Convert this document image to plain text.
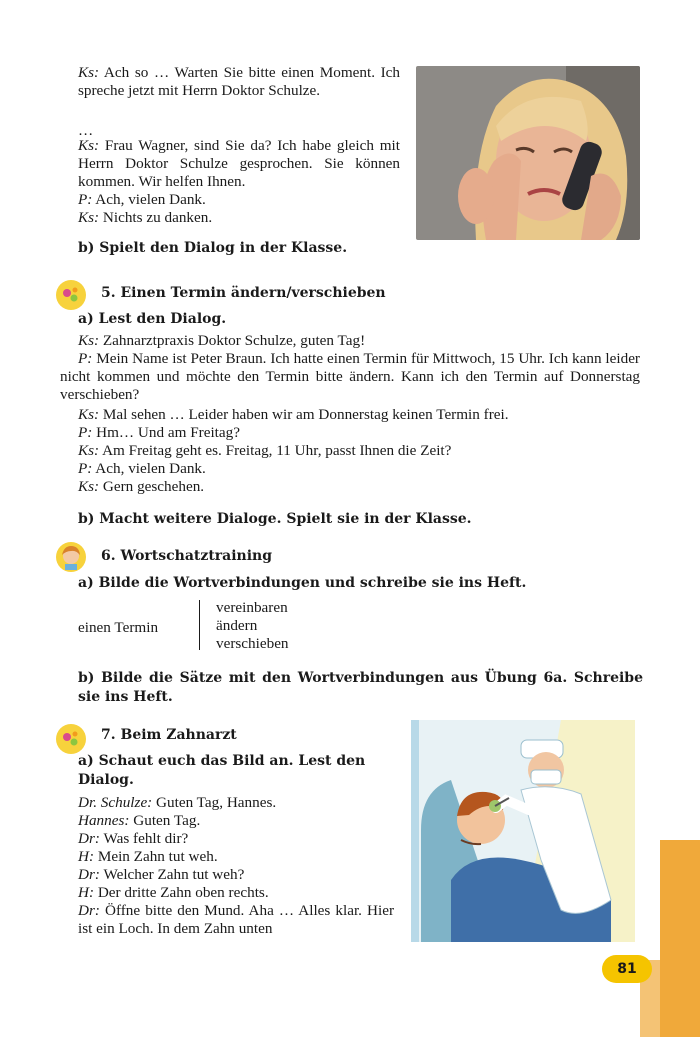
Ks: Ach so … Warten Sie bitte einen Moment. Ich spreche jetzt mit Herrn Doktor Schulze.
…
Ks: Frau Wagner, sind Sie da? Ich habe gleich mit Herrn Doktor Schulze gesprochen. Sie können kommen. Wir helfen Ihnen.
P: Ach, vielen Dank.
Ks: Nichts zu danken.
b) Spielt den Dialog in der Klasse.
5. Einen Termin ändern/verschieben
a) Lest den Dialog.
Ks: Zahnarztpraxis Doktor Schulze, guten Tag!
P: Mein Name ist Peter Braun. Ich hatte einen Termin für Mittwoch, 15 Uhr. Ich kann leider nicht kommen und möchte den Termin bitte ändern. Kann ich den Termin auf Donnerstag verschieben?
Ks: Mal sehen … Leider haben wir am Donnerstag keinen Termin frei.
P: Hm… Und am Freitag?
Ks: Am Freitag geht es. Freitag, 11 Uhr, passt Ihnen die Zeit?
P: Ach, vielen Dank.
Ks: Gern geschehen.
b) Macht weitere Dialoge. Spielt sie in der Klasse.
6. Wortschatztraining
a) Bilde die Wortverbindungen und schreibe sie ins Heft.
einen Termin
vereinbaren
ändern
verschieben
b) Bilde die Sätze mit den Wortverbindungen aus Übung 6a. Schreibe sie ins Heft.
7. Beim Zahnarzt
a) Schaut euch das Bild an. Lest den Dialog.
Dr. Schulze: Guten Tag, Hannes.
Hannes: Guten Tag.
Dr: Was fehlt dir?
H: Mein Zahn tut weh.
Dr: Welcher Zahn tut weh?
H: Der dritte Zahn oben rechts.
Dr: Öffne bitte den Mund. Aha … Alles klar. Hier ist ein Loch. In dem Zahn unten
81
